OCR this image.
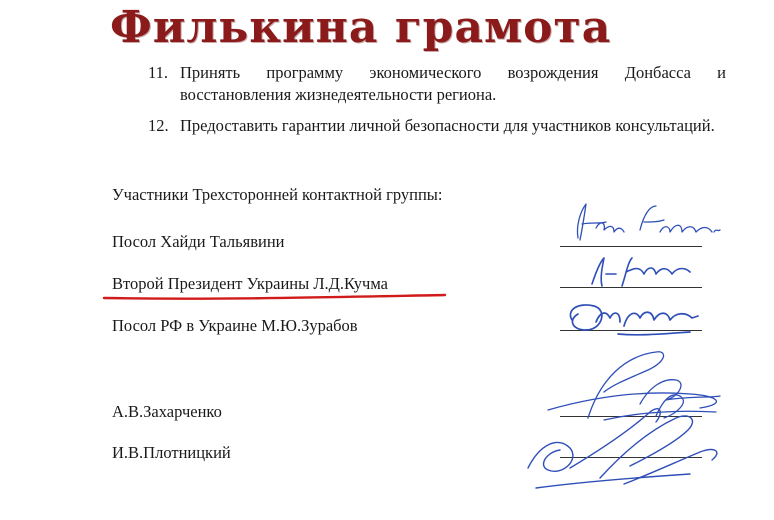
Филькина грамота
11. Принять программу экономического возрождения Донбасса и восстановления жизнедеятельности региона.
12. Предоставить гарантии личной безопасности для участников консультаций.
Участники Трехсторонней контактной группы:
Посол Хайди Тальявини
Второй Президент Украины Л.Д.Кучма
Посол РФ в Украине М.Ю.Зурабов
А.В.Захарченко
И.В.Плотницкий
